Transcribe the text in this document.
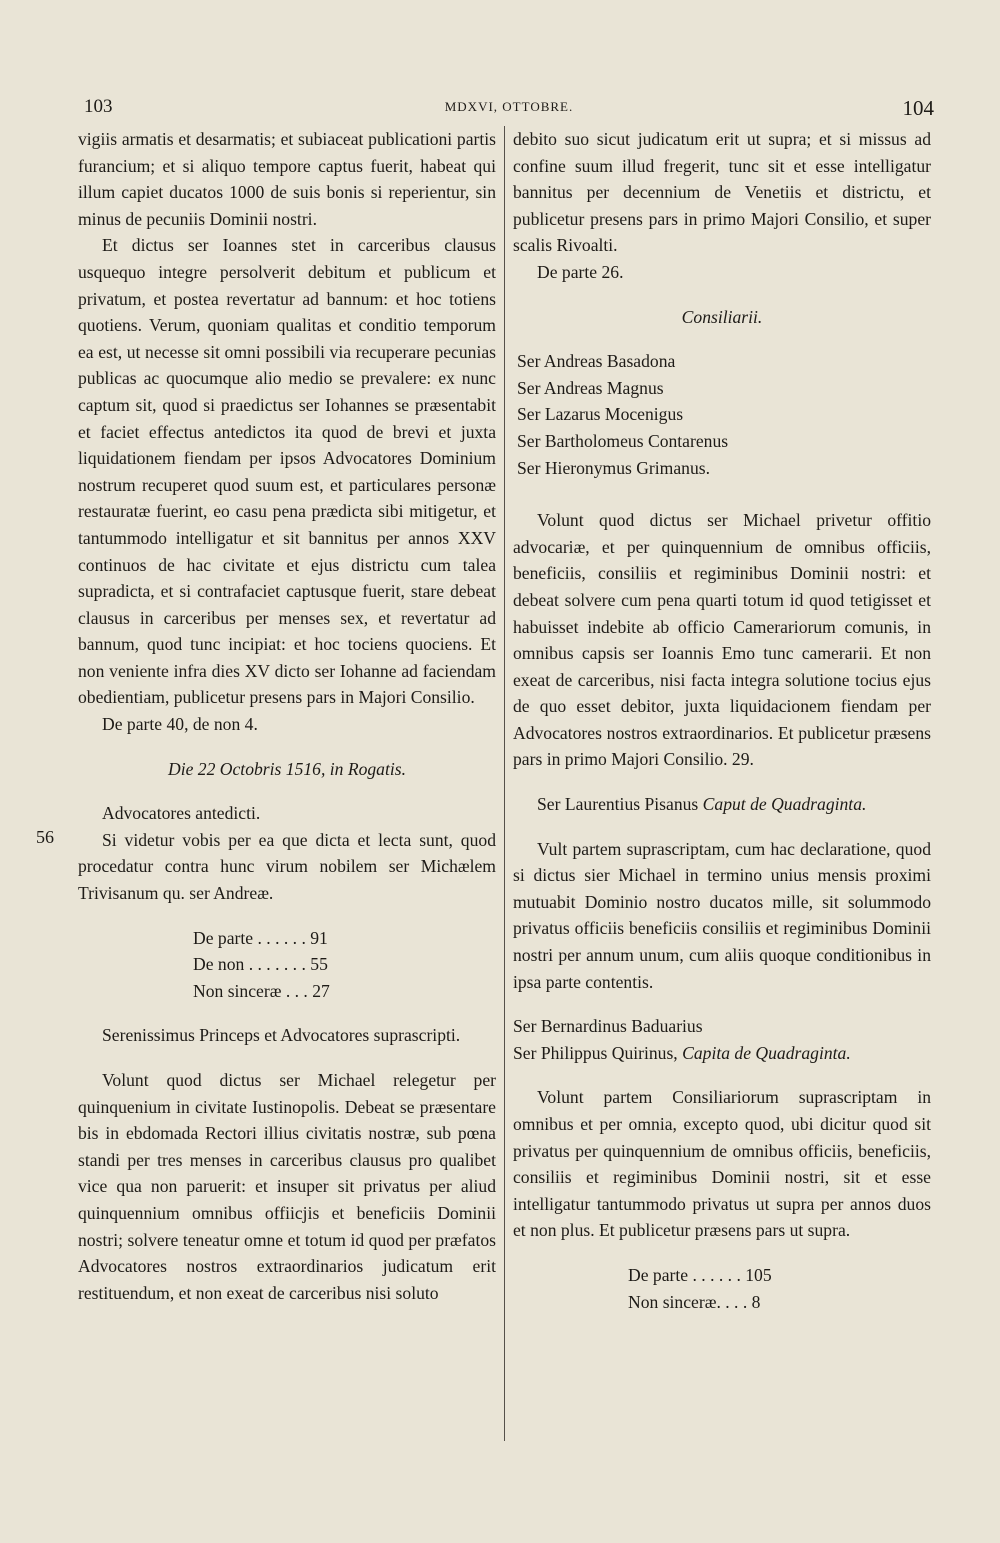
103	MDXVI, OTTOBRE.	104
56

vigiis armatis et desarmatis; et subiaceat publicationi partis furancium; et si aliquo tempore captus fuerit, habeat qui illum capiet ducatos 1000 de suis bonis si reperientur, sin minus de pecuniis Dominii nostri.

Et dictus ser Ioannes stet in carceribus clausus usquequo integre persolverit debitum et publicum et privatum, et postea revertatur ad bannum: et hoc totiens quotiens. Verum, quoniam qualitas et conditio temporum ea est, ut necesse sit omni possibili via recuperare pecunias publicas ac quocumque alio medio se prevalere: ex nunc captum sit, quod si praedictus ser Iohannes se præsentabit et faciet effectus antedictos ita quod de brevi et juxta liquidationem fiendam per ipsos Advocatores Dominium nostrum recuperet quod suum est, et particulares personæ restauratæ fuerint, eo casu pena prædicta sibi mitigetur, et tantummodo intelligatur et sit bannitus per annos XXV continuos de hac civitate et ejus districtu cum talea supradicta, et si contrafaciet captusque fuerit, stare debeat clausus in carceribus per menses sex, et revertatur ad bannum, quod tunc incipiat: et hoc tociens quociens. Et non veniente infra dies XV dicto ser Iohanne ad faciendam obedientiam, publicetur presens pars in Majori Consilio.

De parte 40, de non 4.

Die 22 Octobris 1516, in Rogatis.

Advocatores antedicti.

Si videtur vobis per ea que dicta et lecta sunt, quod procedatur contra hunc virum nobilem ser Michælem Trivisanum qu. ser Andreæ.

De parte . . . . . . 91

De non . . . . . . . 55

Non sinceræ . . . 27

Serenissimus Princeps et Advocatores suprascripti.

Volunt quod dictus ser Michael relegetur per quinquenium in civitate Iustinopolis. Debeat se præsentare bis in ebdomada Rectori illius civitatis nostræ, sub pœna standi per tres menses in carceribus clausus pro qualibet vice qua non paruerit: et insuper sit privatus per aliud quinquennium omnibus offiicjis et beneficiis Dominii nostri; solvere teneatur omne et totum id quod per præfatos Advocatores nostros extraordinarios judicatum erit restituendum, et non exeat de carceribus nisi soluto

debito suo sicut judicatum erit ut supra; et si missus ad confine suum illud fregerit, tunc sit et esse intelligatur bannitus per decennium de Venetiis et districtu, et publicetur presens pars in primo Majori Consilio, et super scalis Rivoalti.

De parte 26.

Consiliarii.

Ser Andreas Basadona

Ser Andreas Magnus

Ser Lazarus Mocenigus

Ser Bartholomeus Contarenus

Ser Hieronymus Grimanus.

Volunt quod dictus ser Michael privetur offitio advocariæ, et per quinquennium de omnibus officiis, beneficiis, consiliis et regiminibus Dominii nostri: et debeat solvere cum pena quarti totum id quod tetigisset et habuisset indebite ab officio Camerariorum comunis, in omnibus capsis ser Ioannis Emo tunc camerarii. Et non exeat de carceribus, nisi facta integra solutione tocius ejus de quo esset debitor, juxta liquidacionem fiendam per Advocatores nostros extraordinarios. Et publicetur præsens pars in primo Majori Consilio. 29.

Ser Laurentius Pisanus Caput de Quadraginta.

Vult partem suprascriptam, cum hac declaratione, quod si dictus sier Michael in termino unius mensis proximi mutuabit Dominio nostro ducatos mille, sit solummodo privatus officiis beneficiis consiliis et regiminibus Dominii nostri per annum unum, cum aliis quoque conditionibus in ipsa parte contentis.

Ser Bernardinus Baduarius

Ser Philippus Quirinus, Capita de Quadraginta.

Volunt partem Consiliariorum suprascriptam in omnibus et per omnia, excepto quod, ubi dicitur quod sit privatus per quinquennium de omnibus officiis, beneficiis, consiliis et regiminibus Dominii nostri, sit et esse intelligatur tantummodo privatus ut supra per annos duos et non plus. Et publicetur præsens pars ut supra.

De parte . . . . . . 105

Non sinceræ. . . . 8
